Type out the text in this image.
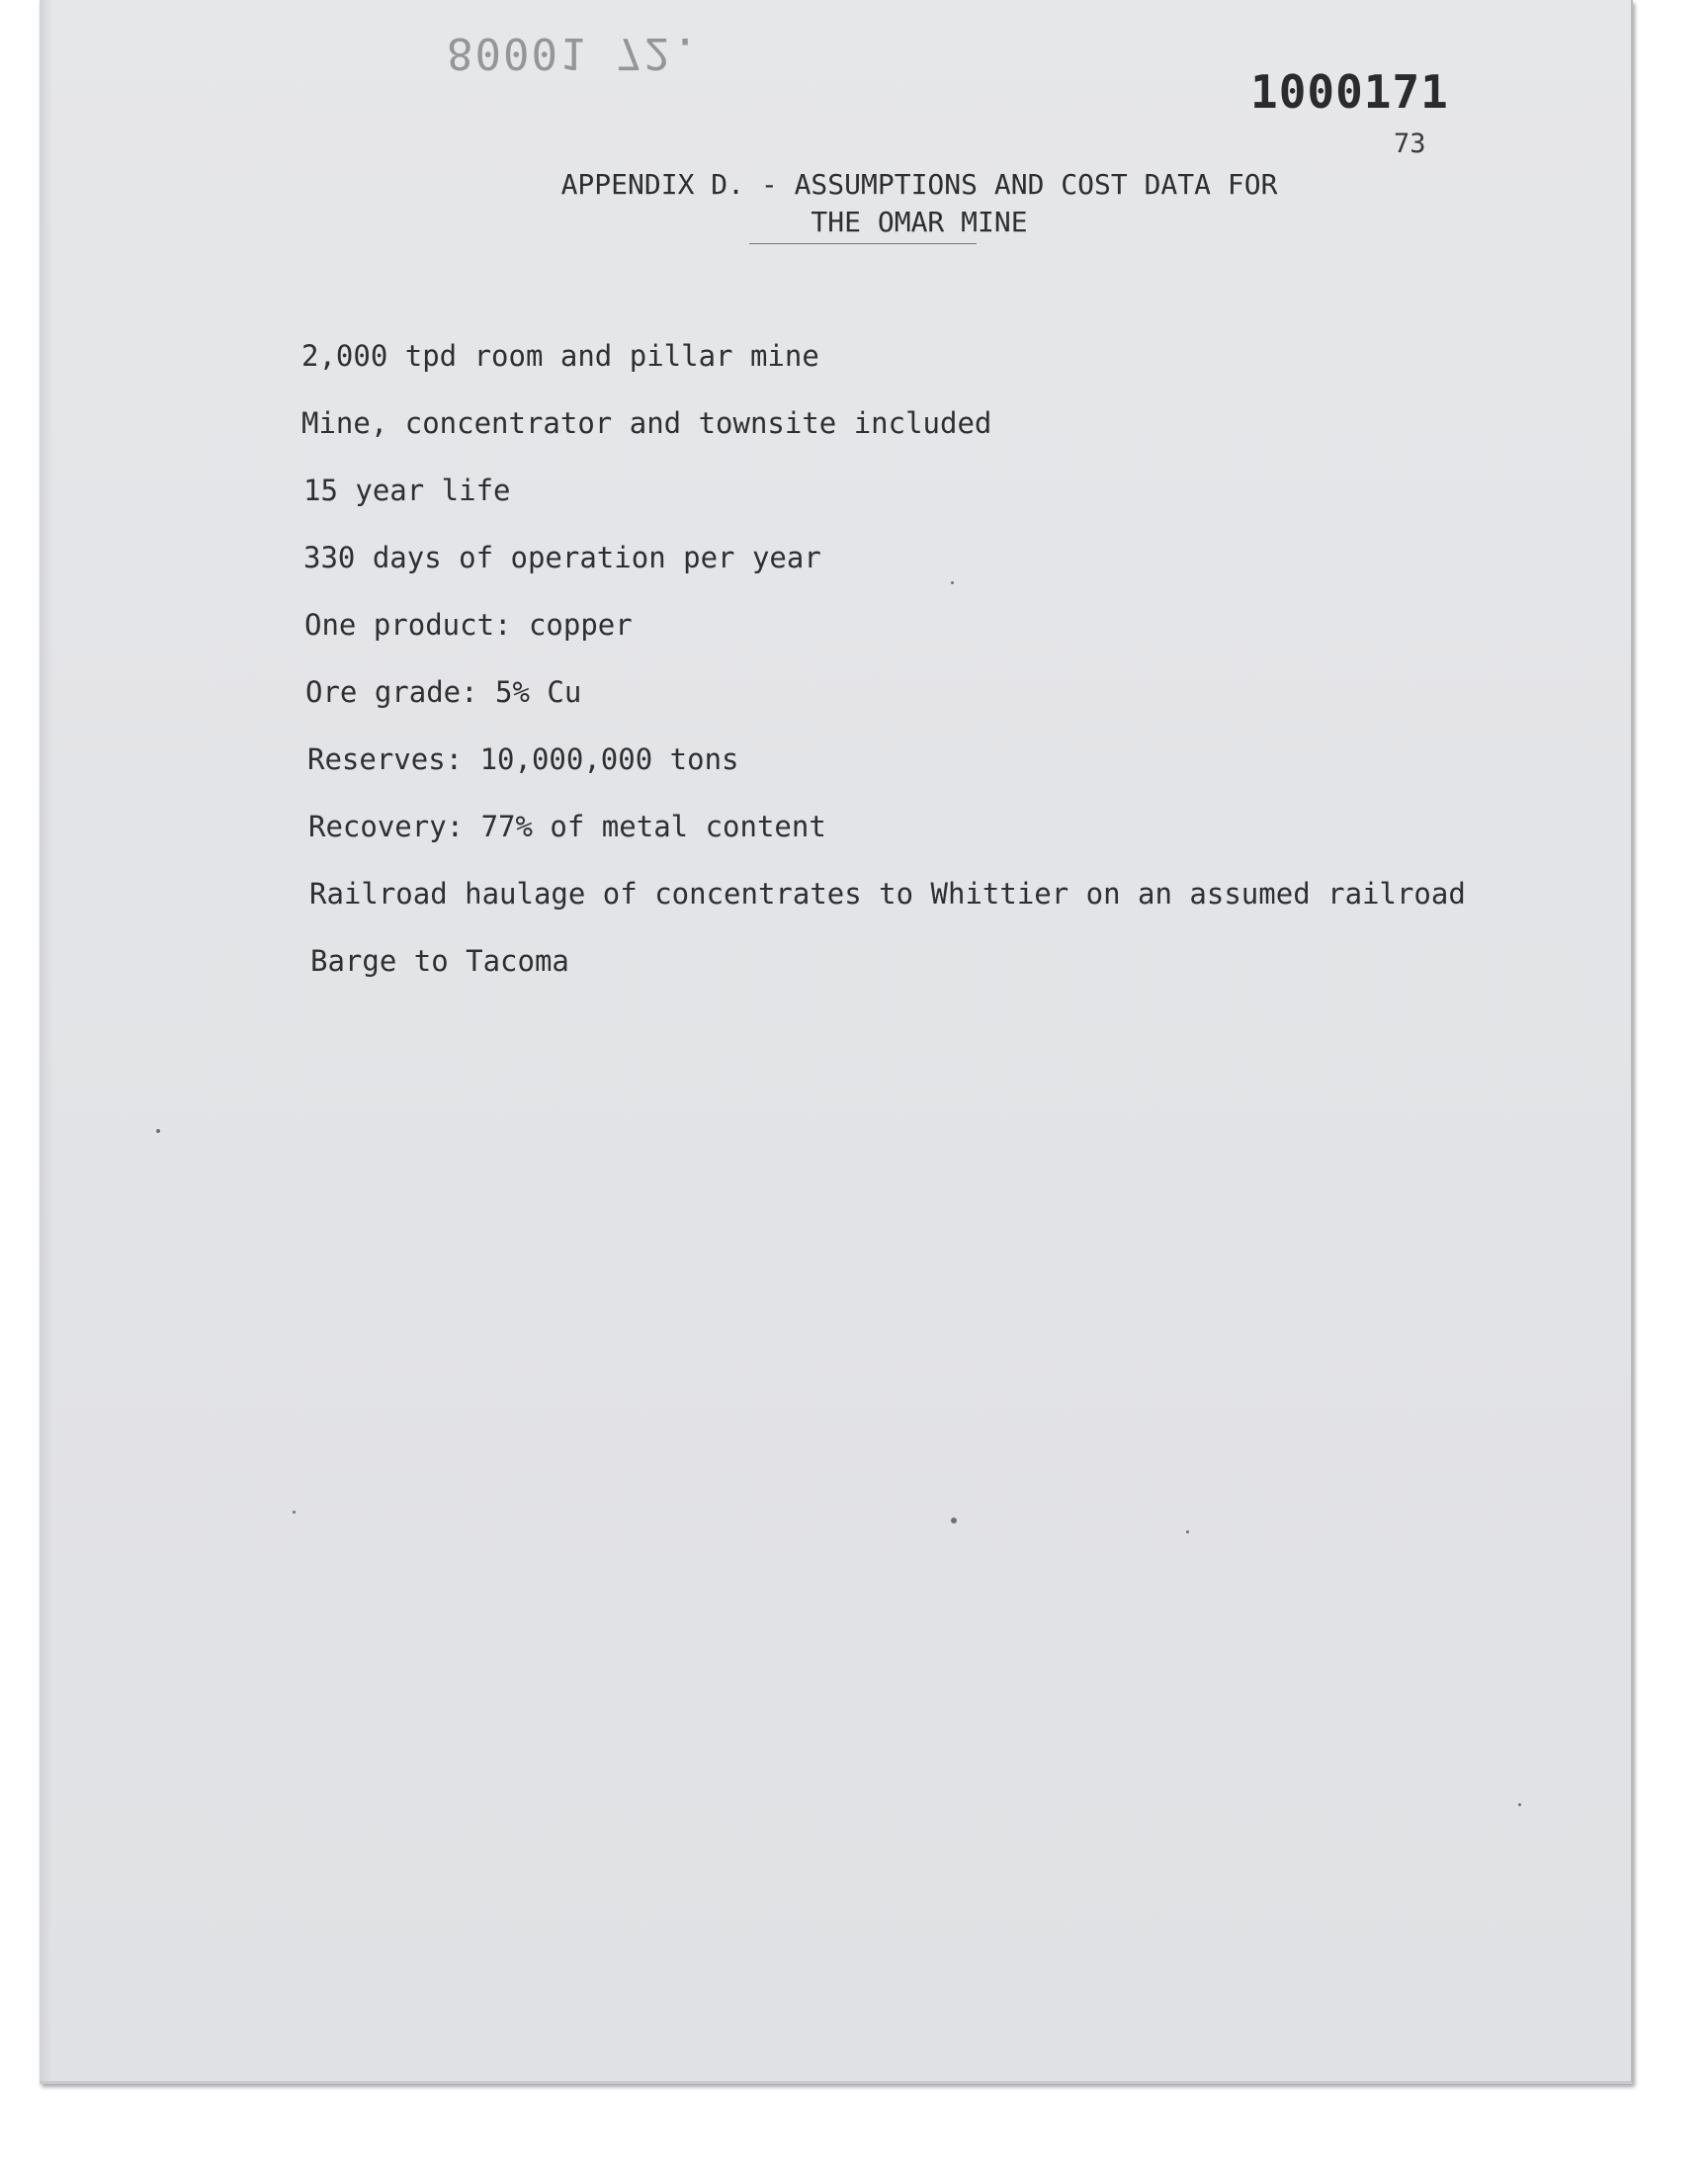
80001 72.
1000171
73
APPENDIX D. - ASSUMPTIONS AND COST DATA FOR
THE OMAR MINE
2,000 tpd room and pillar mine
Mine, concentrator and townsite included
15 year life
330 days of operation per year
One product: copper
Ore grade: 5% Cu
Reserves: 10,000,000 tons
Recovery: 77% of metal content
Railroad haulage of concentrates to Whittier on an assumed railroad
Barge to Tacoma
